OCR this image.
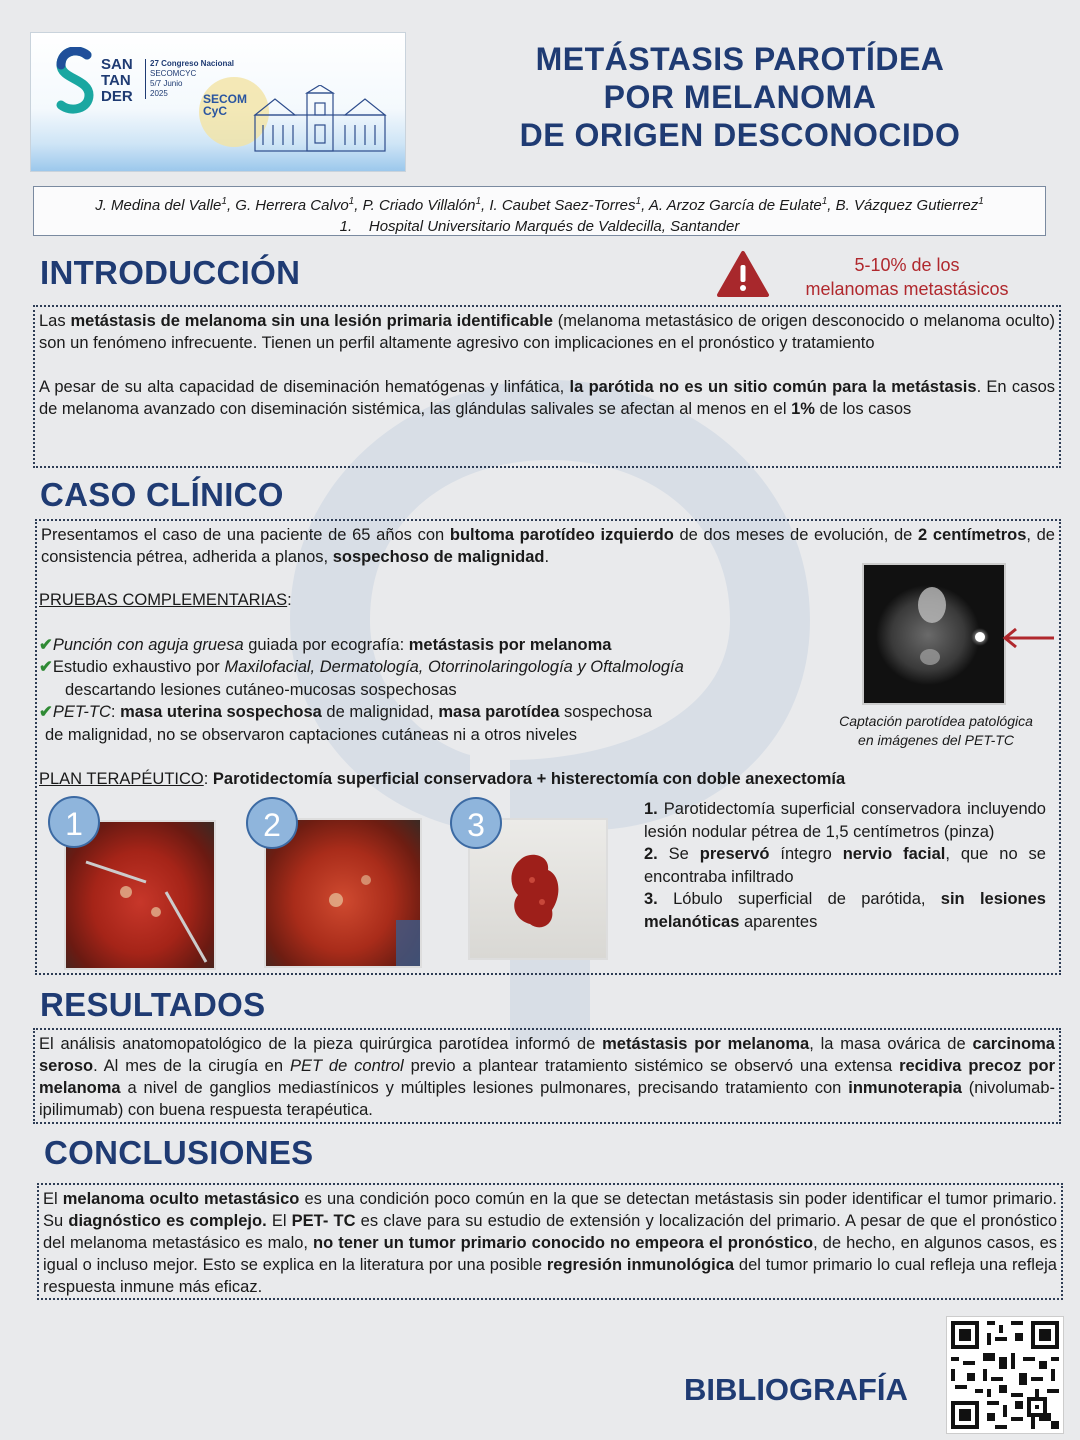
SAN
TAN
DER
27 Congreso Nacional
SECOMCYC
5/7 Junio
2025	SECOM
CyC
METÁSTASIS PAROTÍDEA
POR MELANOMA
DE ORIGEN DESCONOCIDO
J. Medina del Valle$^1$, G. Herrera Calvo$^1$, P. Criado Villalón$^1$, I. Caubet Saez-Torres$^1$, A. Arzoz García de Eulate$^1$, B. Vázquez Gutierrez$^1$
1. Hospital Universitario Marqués de Valdecilla, Santander
INTRODUCCIÓN	5-10% de los
melanomas metastásicos

Las metástasis de melanoma sin una lesión primaria identificable (melanoma metastásico de origen desconocido o melanoma oculto) son un fenómeno infrecuente. Tienen un perfil altamente agresivo con implicaciones en el pronóstico y tratamiento

A pesar de su alta capacidad de diseminación hematógenas y linfática, la parótida no es un sitio común para la metástasis. En casos de melanoma avanzado con diseminación sistémica, las glándulas salivales se afectan al menos en el 1% de los casos

CASO CLÍNICO

Presentamos el caso de una paciente de 65 años con bultoma parotídeo izquierdo de dos meses de evolución, de 2 centímetros, de consistencia pétrea, adherida a planos, sospechoso de malignidad.

PRUEBAS COMPLEMENTARIAS:
✔Punción con aguja gruesa guiada por ecografía: metástasis por melanoma
✔Estudio exhaustivo por Maxilofacial, Dermatología, Otorrinolaringología y Oftalmología
descartando lesiones cutáneo-mucosas sospechosas
✔PET-TC: masa uterina sospechosa de malignidad, masa parotídea sospechosa
de malignidad, no se observaron captaciones cutáneas ni a otros niveles
Captación parotídea patológica
en imágenes del PET-TC
PLAN TERAPÉUTICO: Parotidectomía superficial conservadora + histerectomía con doble anexectomía
1	2	3	1. Parotidectomía superficial conservadora incluyendo lesión nodular pétrea de 1,5 centímetros (pinza)

2. Se preservó íntegro nervio facial, que no se encontraba infiltrado

3. Lóbulo superficial de parótida, sin lesiones melanóticas aparentes

RESULTADOS

El análisis anatomopatológico de la pieza quirúrgica parotídea informó de metástasis por melanoma, la masa ovárica de carcinoma seroso. Al mes de la cirugía en PET de control previo a plantear tratamiento sistémico se observó una extensa recidiva precoz por melanoma a nivel de ganglios mediastínicos y múltiples lesiones pulmonares, precisando tratamiento con inmunoterapia (nivolumab-ipilimumab) con buena respuesta terapéutica.

CONCLUSIONES

El melanoma oculto metastásico es una condición poco común en la que se detectan metástasis sin poder identificar el tumor primario. Su diagnóstico es complejo. El PET- TC es clave para su estudio de extensión y localización del primario. A pesar de que el pronóstico del melanoma metastásico es malo, no tener un tumor primario conocido no empeora el pronóstico, de hecho, en algunos casos, es igual o incluso mejor. Esto se explica en la literatura por una posible regresión inmunológica del tumor primario lo cual refleja una refleja respuesta inmune más eficaz.

BIBLIOGRAFÍA
